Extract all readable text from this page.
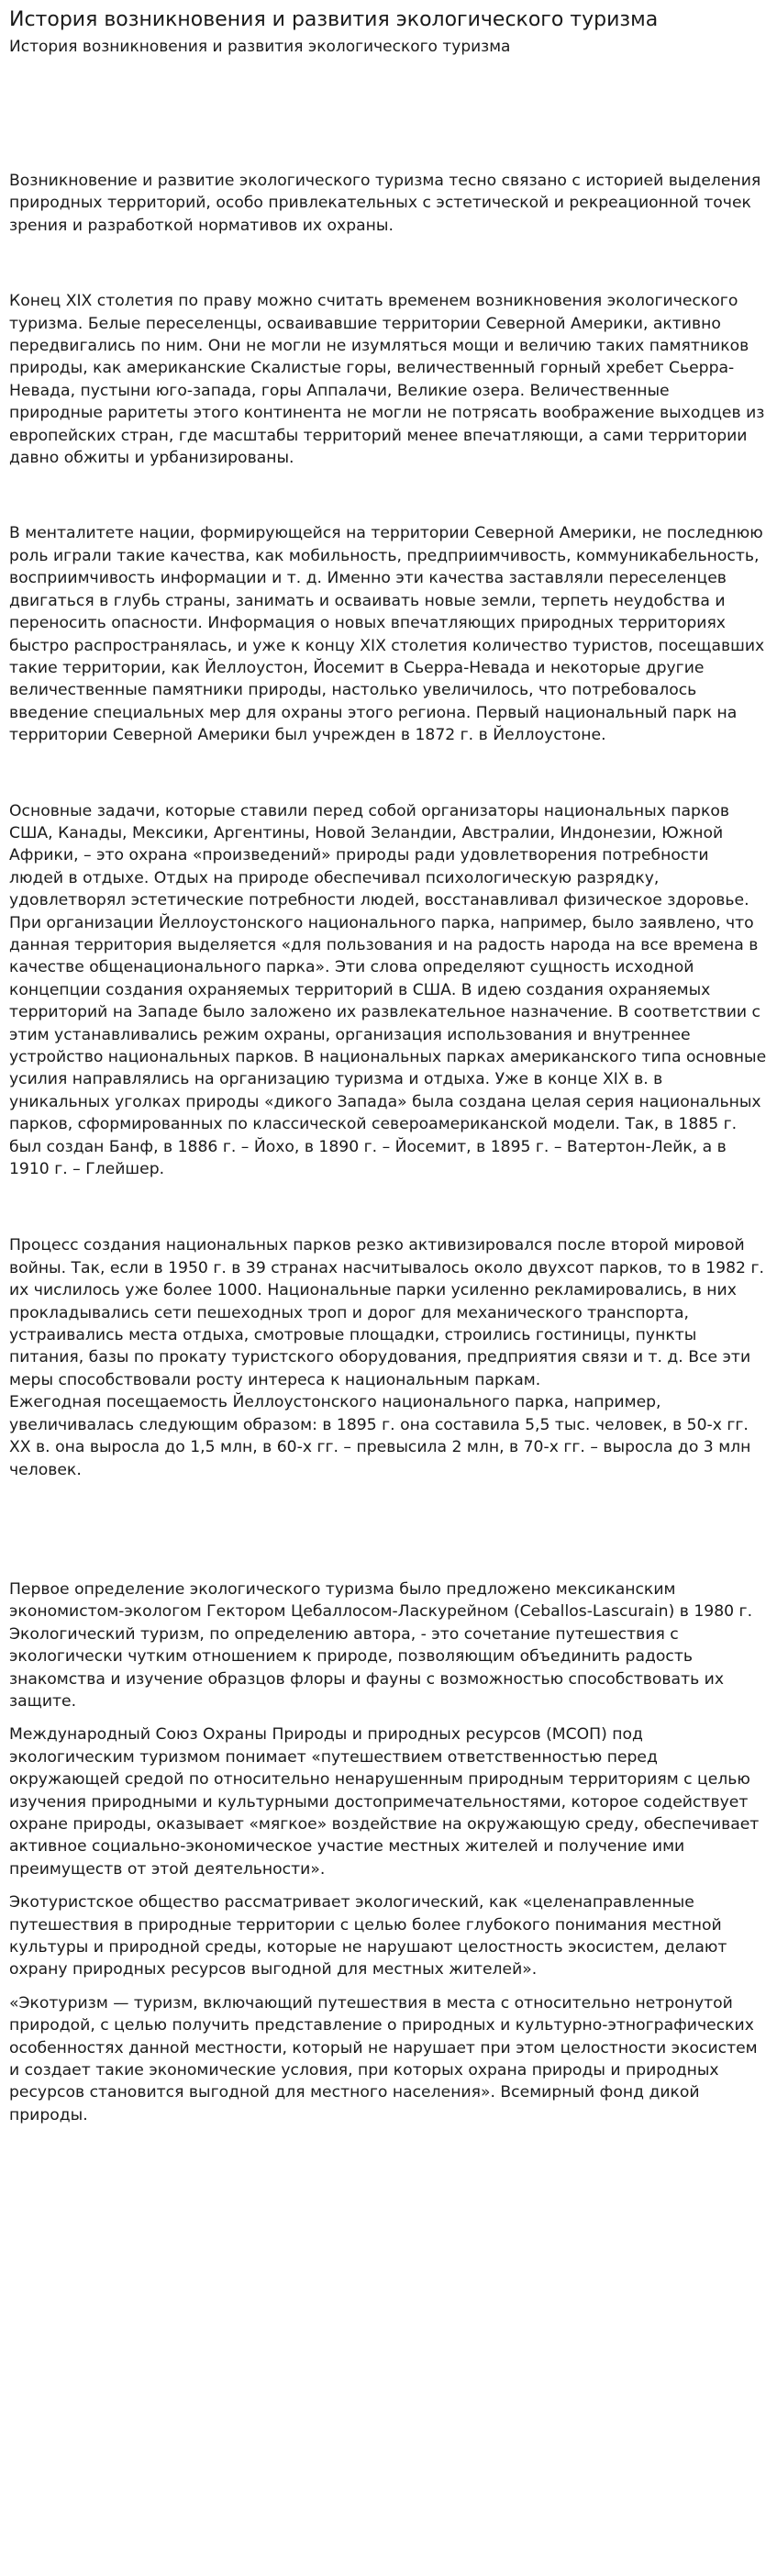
История возникновения и развития экологического туризма
История возникновения и развития экологического туризма

Возникновение и развитие экологического туризма тесно связано с историей выделения природных территорий, особо привлекательных с эстетической и рекреационной точек зрения и разработкой нормативов их охраны.

Конец XIX столетия по праву можно считать временем возникновения экологического туризма. Белые переселенцы, осваивавшие территории Северной Америки, активно передвигались по ним. Они не могли не изумляться мощи и величию таких памятников природы, как американские Скалистые горы, величественный горный хребет Сьерра-Невада, пустыни юго-запада, горы Аппалачи, Великие озера. Величественные природные раритеты этого континента не могли не потрясать воображение выходцев из европейских стран, где масштабы территорий менее впечатляющи, а сами территории давно обжиты и урбанизированы.

В менталитете нации, формирующейся на территории Северной Америки, не последнюю роль играли такие качества, как мобильность, предприимчивость, коммуникабельность, восприимчивость информации и т. д. Именно эти качества заставляли переселенцев двигаться в глубь страны, занимать и осваивать новые земли, терпеть неудобства и переносить опасности. Информация о новых впечатляющих природных территориях быстро распространялась, и уже к концу XIX столетия количество туристов, посещавших такие территории, как Йеллоустон, Йосемит в Сьерра-Невада и некоторые другие величественные памятники природы, настолько увеличилось, что потребовалось введение специальных мер для охраны этого региона. Первый национальный парк на территории Северной Америки был учрежден в 1872 г. в Йеллоустоне.

Основные задачи, которые ставили перед собой организаторы национальных парков США, Канады, Мексики, Аргентины, Новой Зеландии, Австралии, Индонезии, Южной Африки, – это охрана «произведений» природы ради удовлетворения потребности людей в отдыхе. Отдых на природе обеспечивал психологическую разрядку, удовлетворял эстетические потребности людей, восстанавливал физическое здоровье. При организации Йеллоустонского национального парка, например, было заявлено, что данная территория выделяется «для пользования и на радость народа на все времена в качестве общенационального парка». Эти слова определяют сущность исходной концепции создания охраняемых территорий в США. В идею создания охраняемых территорий на Западе было заложено их развлекательное назначение. В соответствии с этим устанавливались режим охраны, организация использования и внутреннее устройство национальных парков. В национальных парках американского типа основные усилия направлялись на организацию туризма и отдыха. Уже в конце XIX в. в уникальных уголках природы «дикого Запада» была создана целая серия национальных парков, сформированных по классической североамериканской модели. Так, в 1885 г. был создан Банф, в 1886 г. – Йохо, в 1890 г. – Йосемит, в 1895 г. – Ватертон-Лейк, а в 1910 г. – Глейшер.

Процесс создания национальных парков резко активизировался после второй мировой войны. Так, если в 1950 г. в 39 странах насчитывалось около двухсот парков, то в 1982 г. их числилось уже более 1000. Национальные парки усиленно рекламировались, в них прокладывались сети пешеходных троп и дорог для механического транспорта, устраивались места отдыха, смотровые площадки, строились гостиницы, пункты питания, базы по прокату туристского оборудования, предприятия связи и т. д. Все эти меры способствовали росту интереса к национальным паркам.

Ежегодная посещаемость Йеллоустонского национального парка, например, увеличивалась следующим образом: в 1895 г. она составила 5,5 тыс. человек, в 50-х гг. ХХ в. она выросла до 1,5 млн, в 60-х гг. – превысила 2 млн, в 70-х гг. – выросла до 3 млн человек.

Первое определение экологического туризма было предложено мексиканским экономистом-экологом Гектором Цебаллосом-Ласкурейном (Ceballos-Lascurain) в 1980 г. Экологический туризм, по определению автора, - это сочетание путешествия с экологически чутким отношением к природе, позволяющим объединить радость знакомства и изучение образцов флоры и фауны с возможностью способствовать их защите.

Международный Союз Охраны Природы и природных ресурсов (МСОП) под экологическим туризмом понимает «путешествием ответственностью перед окружающей средой по относительно ненарушенным природным территориям с целью изучения природными и культурными достопримечательностями, которое содействует охране природы, оказывает «мягкое» воздействие на окружающую среду, обеспечивает активное социально-экономическое участие местных жителей и получение ими преимуществ от этой деятельности».

Экотуристское общество рассматривает экологический, как «целенаправленные путешествия в природные территории с целью более глубокого понимания местной культуры и природной среды, которые не нарушают целостность экосистем, делают охрану природных ресурсов выгодной для местных жителей».

«Экотуризм — туризм, включающий путешествия в места с относительно нетронутой природой, с целью получить представление о природных и культурно-этнографических особенностях данной местности, который не нарушает при этом целостности экосистем и создает такие экономические условия, при которых охрана природы и природных ресурсов становится выгодной для местного населения». Всемирный фонд дикой природы.
